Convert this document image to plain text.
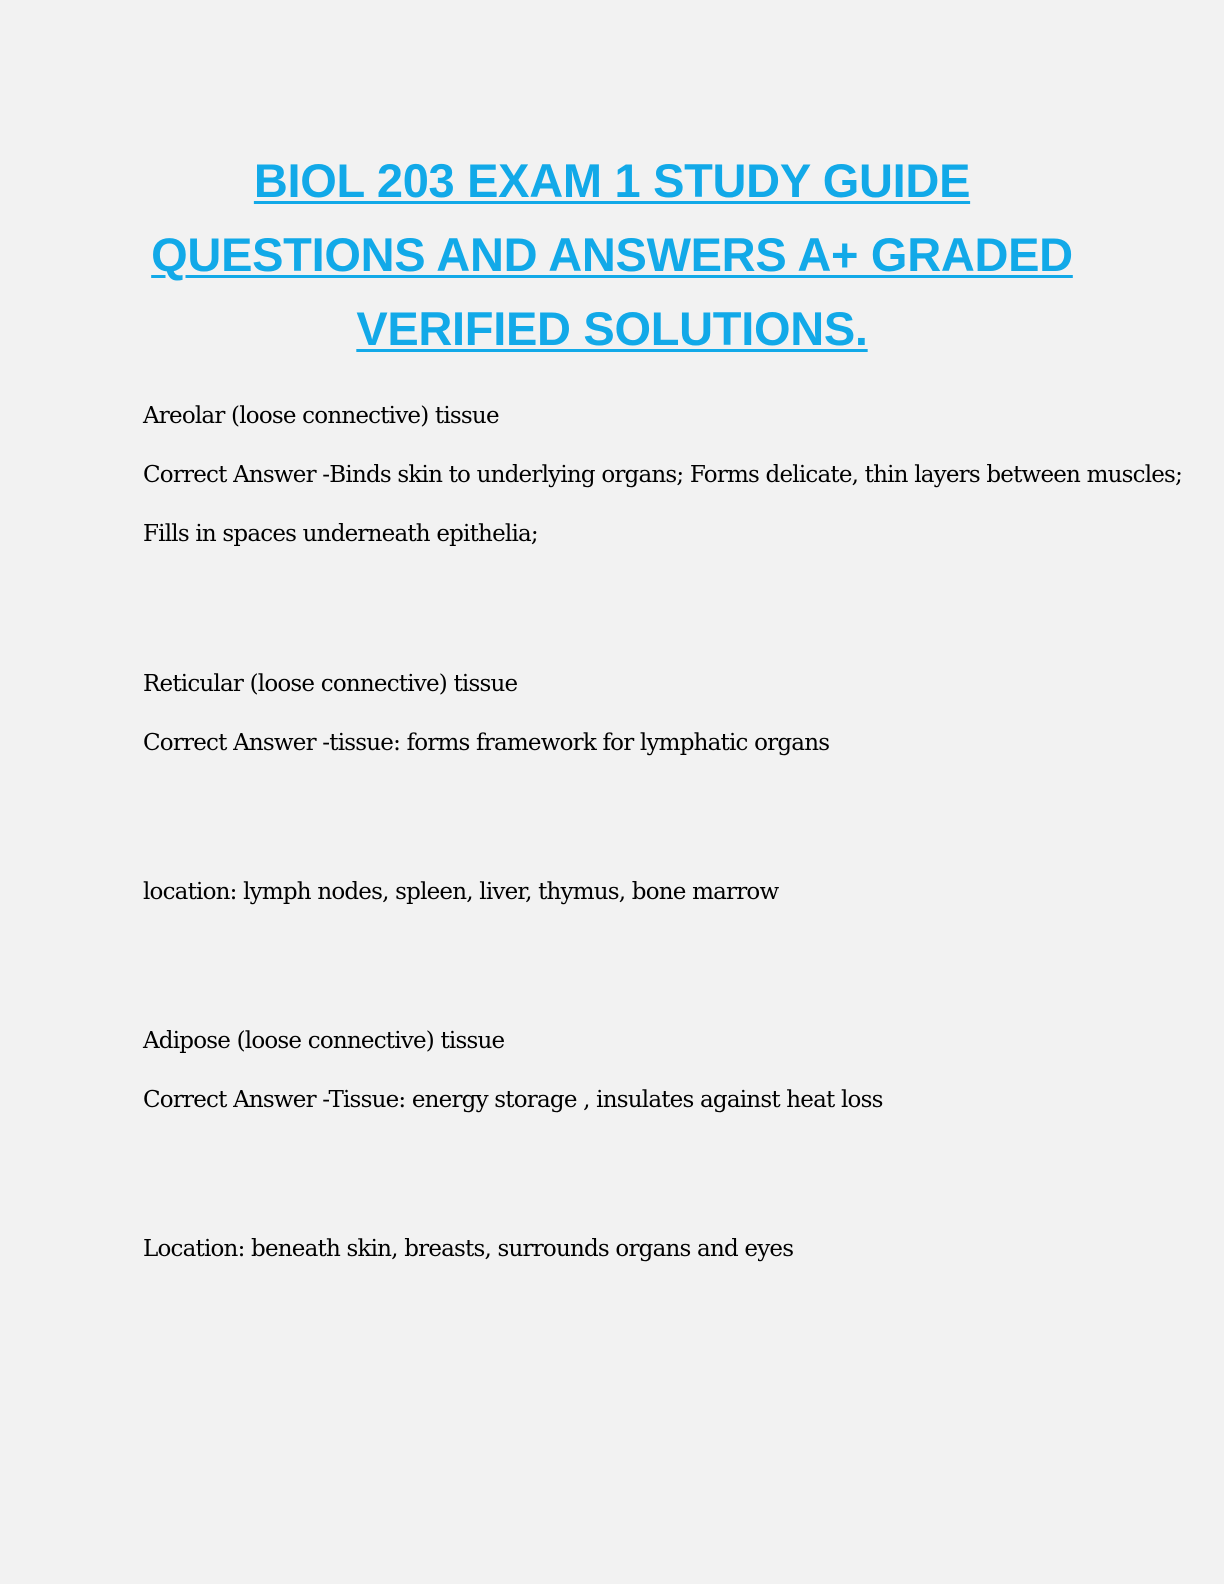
BIOL 203 EXAM 1 STUDY GUIDE
QUESTIONS AND ANSWERS A+ GRADED
VERIFIED SOLUTIONS.

Areolar (loose connective) tissue

Correct Answer -Binds skin to underlying organs; Forms delicate, thin layers between muscles;

Fills in spaces underneath epithelia;

Reticular (loose connective) tissue

Correct Answer -tissue: forms framework for lymphatic organs

location: lymph nodes, spleen, liver, thymus, bone marrow

Adipose (loose connective) tissue

Correct Answer -Tissue: energy storage , insulates against heat loss

Location: beneath skin, breasts, surrounds organs and eyes
